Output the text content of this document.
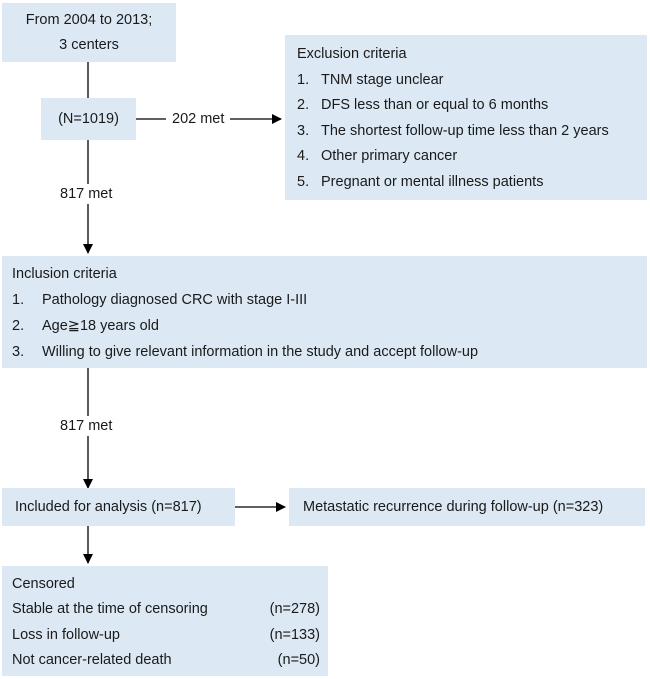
From 2004 to 2013;
3 centers
(N=1019)	202 met
Exclusion criteria
1. TNM stage unclear
2. DFS less than or equal to 6 months
3. The shortest follow-up time less than 2 years
4. Other primary cancer
5. Pregnant or mental illness patients
817 met
Inclusion criteria
1. Pathology diagnosed CRC with stage I-III
2. Age≧18 years old
3. Willing to give relevant information in the study and accept follow-up
817 met
Included for analysis (n=817)	Metastatic recurrence during follow-up (n=323)
Censored
Stable at the time of censoring	(n=278)
Loss in follow-up	(n=133)
Not cancer-related death	(n=50)
